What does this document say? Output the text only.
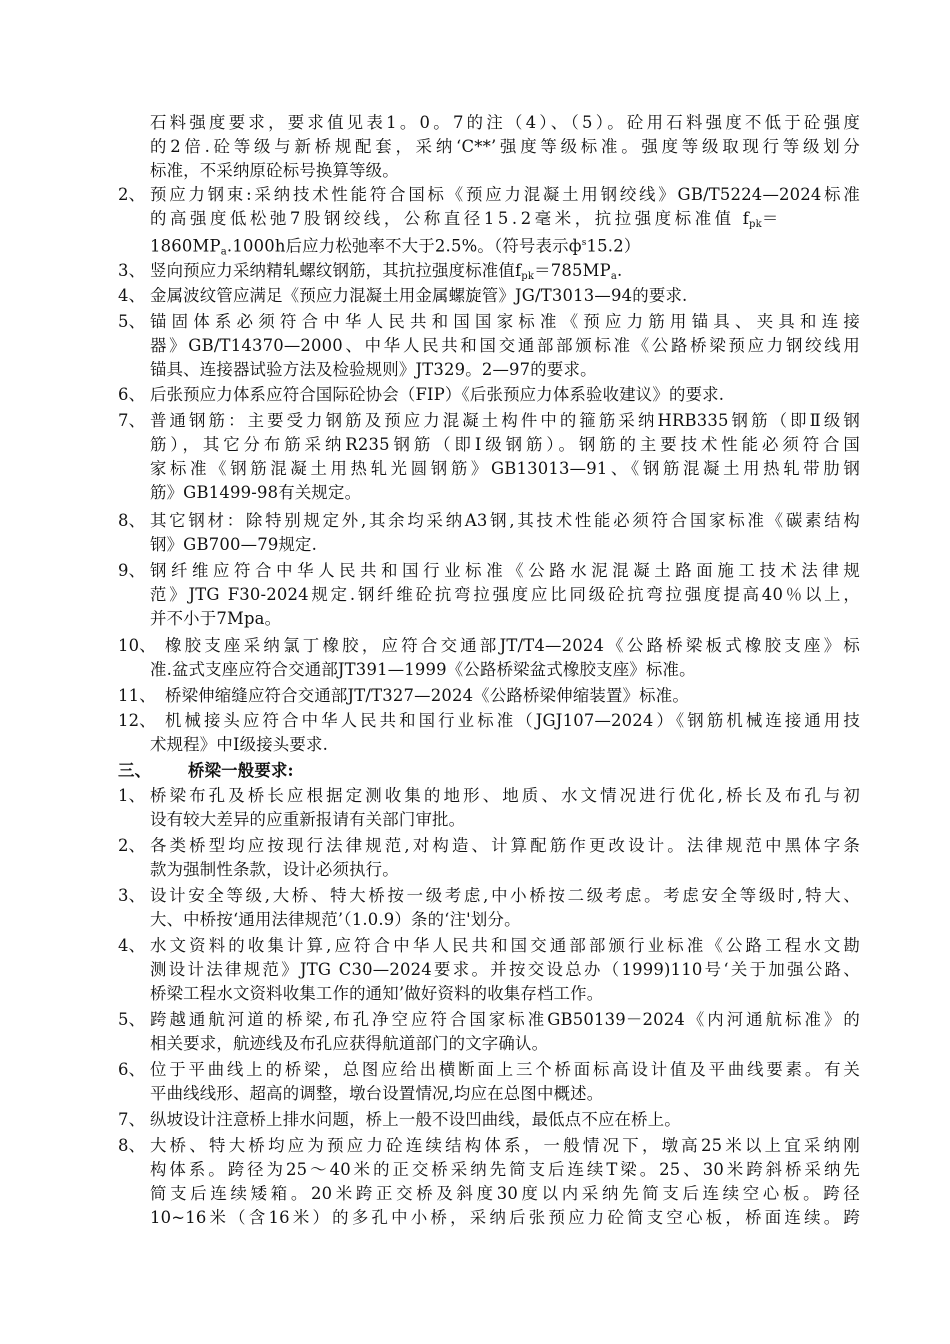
石料强度要求，要求值见表1。0。7的注（4）、（5）。砼用石料强度不低于砼强度
的2倍.砼等级与新桥规配套，采纳‘C**’强度等级标准。强度等级取现行等级划分
标准，不采纳原砼标号换算等级。
2、 预应力钢束:采纳技术性能符合国标《预应力混凝土用钢绞线》GB/T5224—2024标准
的高强度低松弛7股钢绞线，公称直径15.2毫米，抗拉强度标准值 $f_{pk}=$
$1860MP_a.1000h$后应力松弛率不大于2.5%。（符号表示$ф^s15.2$）
3、 竖向预应力采纳精轧螺纹钢筋，其抗拉强度标准值$f_{pk}=785MP_a$.
4、 金属波纹管应满足《预应力混凝土用金属螺旋管》JG/T3013—94的要求.
5、 锚固体系必须符合中华人民共和国国家标准《预应力筋用锚具、夹具和连接
器》GB/T14370—2000、中华人民共和国交通部部颁标准《公路桥梁预应力钢绞线用
锚具、连接器试验方法及检验规则》JT329。2—97的要求。
6、 后张预应力体系应符合国际砼协会（FIP）《后张预应力体系验收建议》的要求.
7、 普通钢筋：主要受力钢筋及预应力混凝土构件中的箍筋采纳HRB335钢筋（即Ⅱ级钢
筋），其它分布筋采纳R235钢筋（即Ⅰ级钢筋）。钢筋的主要技术性能必须符合国
家标准《钢筋混凝土用热轧光圆钢筋》GB13013—91、《钢筋混凝土用热轧带肋钢
筋》GB1499-98有关规定。
8、 其它钢材：除特别规定外,其余均采纳A3钢,其技术性能必须符合国家标准《碳素结构
钢》GB700—79规定.
9、 钢纤维应符合中华人民共和国行业标准《公路水泥混凝土路面施工技术法律规
范》JTG F30-2024规定.钢纤维砼抗弯拉强度应比同级砼抗弯拉强度提高40％以上，
并不小于7Mpa。
10、 橡胶支座采纳氯丁橡胶，应符合交通部JT/T4—2024《公路桥梁板式橡胶支座》标
准.盆式支座应符合交通部JT391—1999《公路桥梁盆式橡胶支座》标准。
11、 桥梁伸缩缝应符合交通部JT/T327—2024《公路桥梁伸缩装置》标准。
12、 机械接头应符合中华人民共和国行业标准（JGJ107—2024）《钢筋机械连接通用技
术规程》中Ⅰ级接头要求.
三、 桥梁一般要求:
1、 桥梁布孔及桥长应根据定测收集的地形、地质、水文情况进行优化,桥长及布孔与初
设有较大差异的应重新报请有关部门审批。
2、 各类桥型均应按现行法律规范,对构造、计算配筋作更改设计。法律规范中黑体字条
款为强制性条款，设计必须执行。
3、 设计安全等级,大桥、特大桥按一级考虑,中小桥按二级考虑。考虑安全等级时,特大、
大、中桥按‘通用法律规范’（1.0.9）条的‘注'划分。
4、 水文资料的收集计算,应符合中华人民共和国交通部部颁行业标准《公路工程水文勘
测设计法律规范》JTG C30—2024要求。并按交设总办（1999)110号‘关于加强公路、
桥梁工程水文资料收集工作的通知’做好资料的收集存档工作。
5、 跨越通航河道的桥梁,布孔净空应符合国家标准GB50139－2024《内河通航标准》的
相关要求，航迹线及布孔应获得航道部门的文字确认。
6、 位于平曲线上的桥梁，总图应给出横断面上三个桥面标高设计值及平曲线要素。有关
平曲线线形、超高的调整，墩台设置情况,均应在总图中概述。
7、 纵坡设计注意桥上排水问题，桥上一般不设凹曲线，最低点不应在桥上。
8、 大桥、特大桥均应为预应力砼连续结构体系，一般情况下，墩高25米以上宜采纳刚
构体系。跨径为25～40米的正交桥采纳先简支后连续T梁。25、30米跨斜桥采纳先
简支后连续矮箱。20米跨正交桥及斜度30度以内采纳先简支后连续空心板。跨径
10~16米（含16米）的多孔中小桥，采纳后张预应力砼简支空心板，桥面连续。跨
